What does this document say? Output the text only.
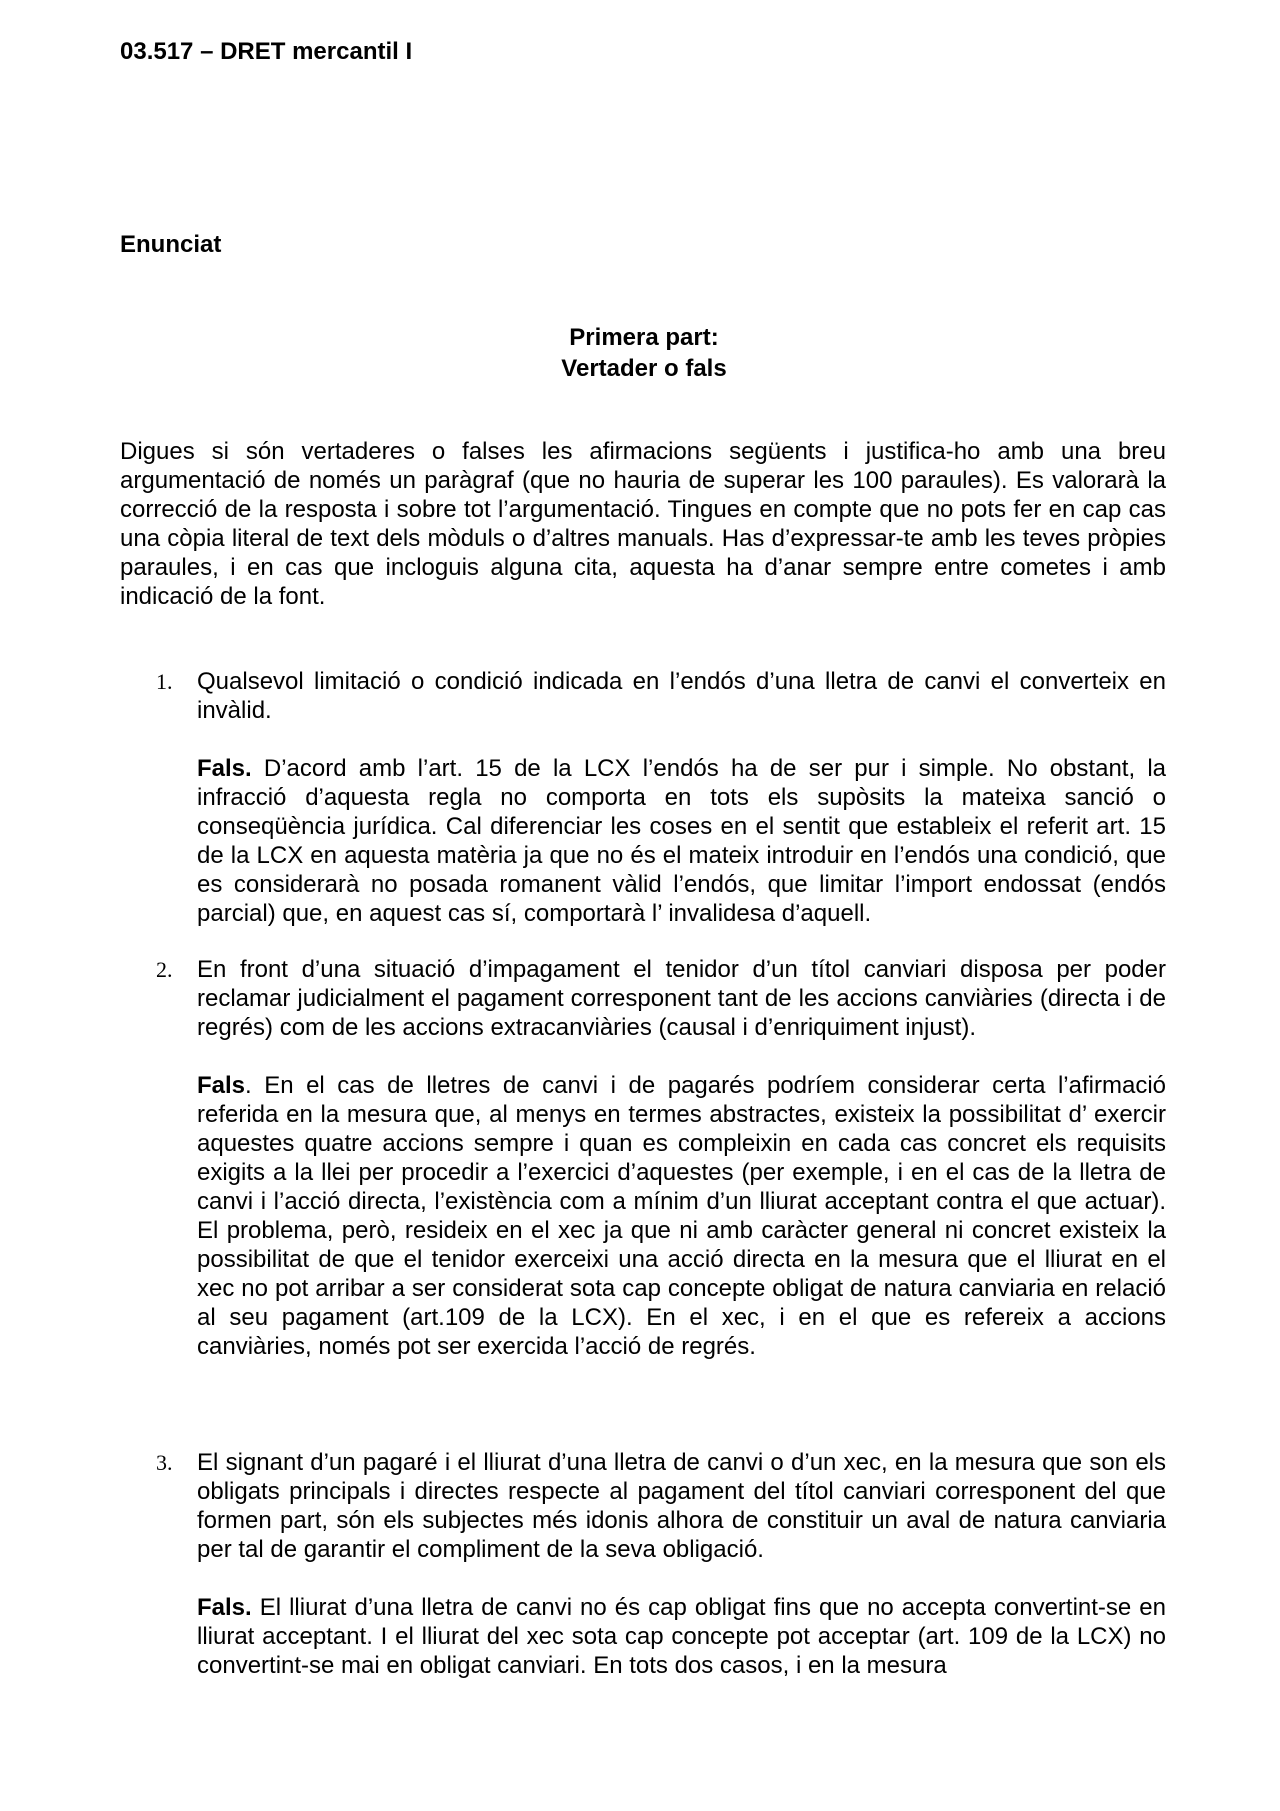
03.517 – DRET mercantil I
Enunciat
Primera part:
Vertader o fals

Digues si són vertaderes o falses les afirmacions següents i justifica-ho amb una breu argumentació de només un paràgraf (que no hauria de superar les 100 paraules). Es valorarà la correcció de la resposta i sobre tot l’argumentació. Tingues en compte que no pots fer en cap cas una còpia literal de text dels mòduls o d’altres manuals. Has d’expressar-te amb les teves pròpies paraules, i en cas que incloguis alguna cita, aquesta ha d’anar sempre entre cometes i amb indicació de la font.

1. Qualsevol limitació o condició indicada en l’endós d’una lletra de canvi el converteix en invàlid.

Fals. D’acord amb l’art. 15 de la LCX l’endós ha de ser pur i simple. No obstant, la infracció d’aquesta regla no comporta en tots els supòsits la mateixa sanció o conseqüència jurídica. Cal diferenciar les coses en el sentit que estableix el referit art. 15 de la LCX en aquesta matèria ja que no és el mateix introduir en l’endós una condició, que es considerarà no posada romanent vàlid l’endós, que limitar l’import endossat (endós parcial) que, en aquest cas sí, comportarà l’ invalidesa d’aquell.

2. En front d’una situació d’impagament el tenidor d’un títol canviari disposa per poder reclamar judicialment el pagament corresponent tant de les accions canviàries (directa i de regrés) com de les accions extracanviàries (causal i d’enriquiment injust).

Fals. En el cas de lletres de canvi i de pagarés podríem considerar certa l’afirmació referida en la mesura que, al menys en termes abstractes, existeix la possibilitat d’ exercir aquestes quatre accions sempre i quan es compleixin en cada cas concret els requisits exigits a la llei per procedir a l’exercici d’aquestes (per exemple, i en el cas de la lletra de canvi i l’acció directa, l’existència com a mínim d’un lliurat acceptant contra el que actuar). El problema, però, resideix en el xec ja que ni amb caràcter general ni concret existeix la possibilitat de que el tenidor exerceixi una acció directa en la mesura que el lliurat en el xec no pot arribar a ser considerat sota cap concepte obligat de natura canviaria en relació al seu pagament (art.109 de la LCX). En el xec, i en el que es refereix a accions canviàries, només pot ser exercida l’acció de regrés.

3. El signant d’un pagaré i el lliurat d’una lletra de canvi o d’un xec, en la mesura que son els obligats principals i directes respecte al pagament del títol canviari corresponent del que formen part, són els subjectes més idonis alhora de constituir un aval de natura canviaria per tal de garantir el compliment de la seva obligació.

Fals. El lliurat d’una lletra de canvi no és cap obligat fins que no accepta convertint-se en lliurat acceptant. I el lliurat del xec sota cap concepte pot acceptar (art. 109 de la LCX) no convertint-se mai en obligat canviari. En tots dos casos, i en la mesura
